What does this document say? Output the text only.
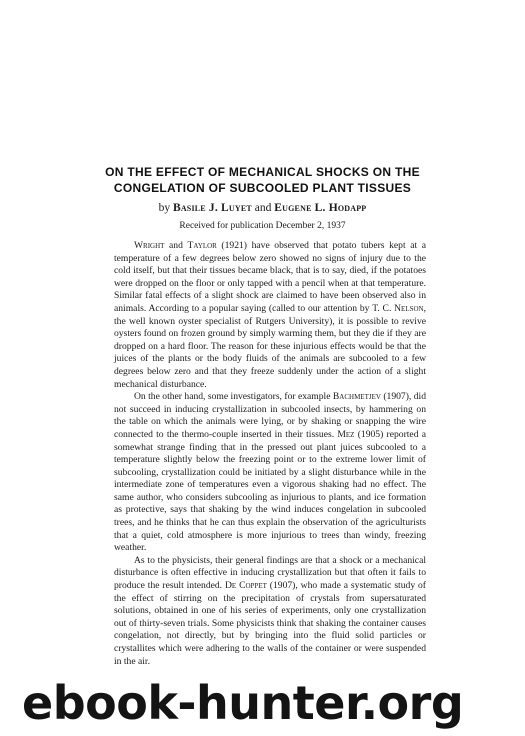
ON THE EFFECT OF MECHANICAL SHOCKS ON THE
CONGELATION OF SUBCOOLED PLANT TISSUES
by Basile J. Luyet and Eugene L. Hodapp
Received for publication December 2, 1937

Wright and Taylor (1921) have observed that potato tubers kept at a temperature of a few degrees below zero showed no signs of injury due to the cold itself, but that their tissues became black, that is to say, died, if the potatoes were dropped on the floor or only tapped with a pencil when at that temperature. Similar fatal effects of a slight shock are claimed to have been observed also in animals. According to a popular saying (called to our attention by T. C. Nelson, the well known oyster specialist of Rutgers University), it is possible to revive oysters found on frozen ground by simply warming them, but they die if they are dropped on a hard floor. The reason for these injurious effects would be that the juices of the plants or the body fluids of the animals are subcooled to a few degrees below zero and that they freeze suddenly under the action of a slight mechanical disturbance.

On the other hand, some investigators, for example Bachmetjev (1907), did not succeed in inducing crystallization in subcooled insects, by hammering on the table on which the animals were lying, or by shaking or snapping the wire connected to the thermo-couple inserted in their tissues. Mez (1905) reported a somewhat strange finding that in the pressed out plant juices subcooled to a temperature slightly below the freezing point or to the extreme lower limit of subcooling, crystallization could be initiated by a slight disturbance while in the intermediate zone of temperatures even a vigorous shaking had no effect. The same author, who considers subcooling as injurious to plants, and ice formation as protective, says that shaking by the wind induces congelation in subcooled trees, and he thinks that he can thus explain the observation of the agriculturists that a quiet, cold atmosphere is more injurious to trees than windy, freezing weather.

As to the physicists, their general findings are that a shock or a mechanical disturbance is often effective in inducing crystallization but that often it fails to produce the result intended. De Coppet (1907), who made a systematic study of the effect of stirring on the precipitation of crystals from supersaturated solutions, obtained in one of his series of experiments, only one crystallization out of thirty-seven trials. Some physicists think that shaking the container causes congelation, not directly, but by bringing into the fluid solid particles or crystallites which were adhering to the walls of the container or were suspended in the air.

ebook-hunter.org
